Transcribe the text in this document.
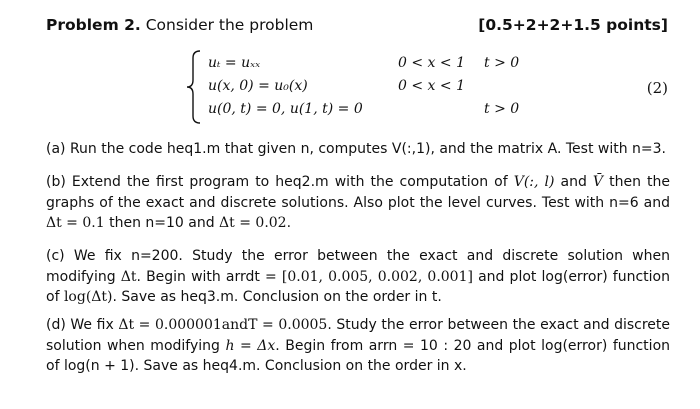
Problem 2. Consider the problem	[0.5+2+2+1.5 points]
uₜ = uₓₓ	0 < x < 1 t > 0
u(x, 0) = u₀(x)	0 < x < 1
u(0, t) = 0, u(1, t) = 0	t > 0
(2)
(a) Run the code heq1.m that given n, computes V(:,1), and the matrix A. Test with n=3.
(b) Extend the first program to heq2.m with the computation of V(:, l) and V̄ then the graphs of the exact and discrete solutions. Also plot the level curves. Test with n=6 and Δt = 0.1 then n=10 and Δt = 0.02.
(c) We fix n=200. Study the error between the exact and discrete solution when modifying Δt. Begin with arrdt = [0.01, 0.005, 0.002, 0.001] and plot log(error) function of log(Δt). Save as heq3.m. Conclusion on the order in t.
(d) We fix Δt = 0.000001andT = 0.0005. Study the error between the exact and discrete solution when modifying h = Δx. Begin from arrn = 10 : 20 and plot log(error) function of log(n + 1). Save as heq4.m. Conclusion on the order in x.
